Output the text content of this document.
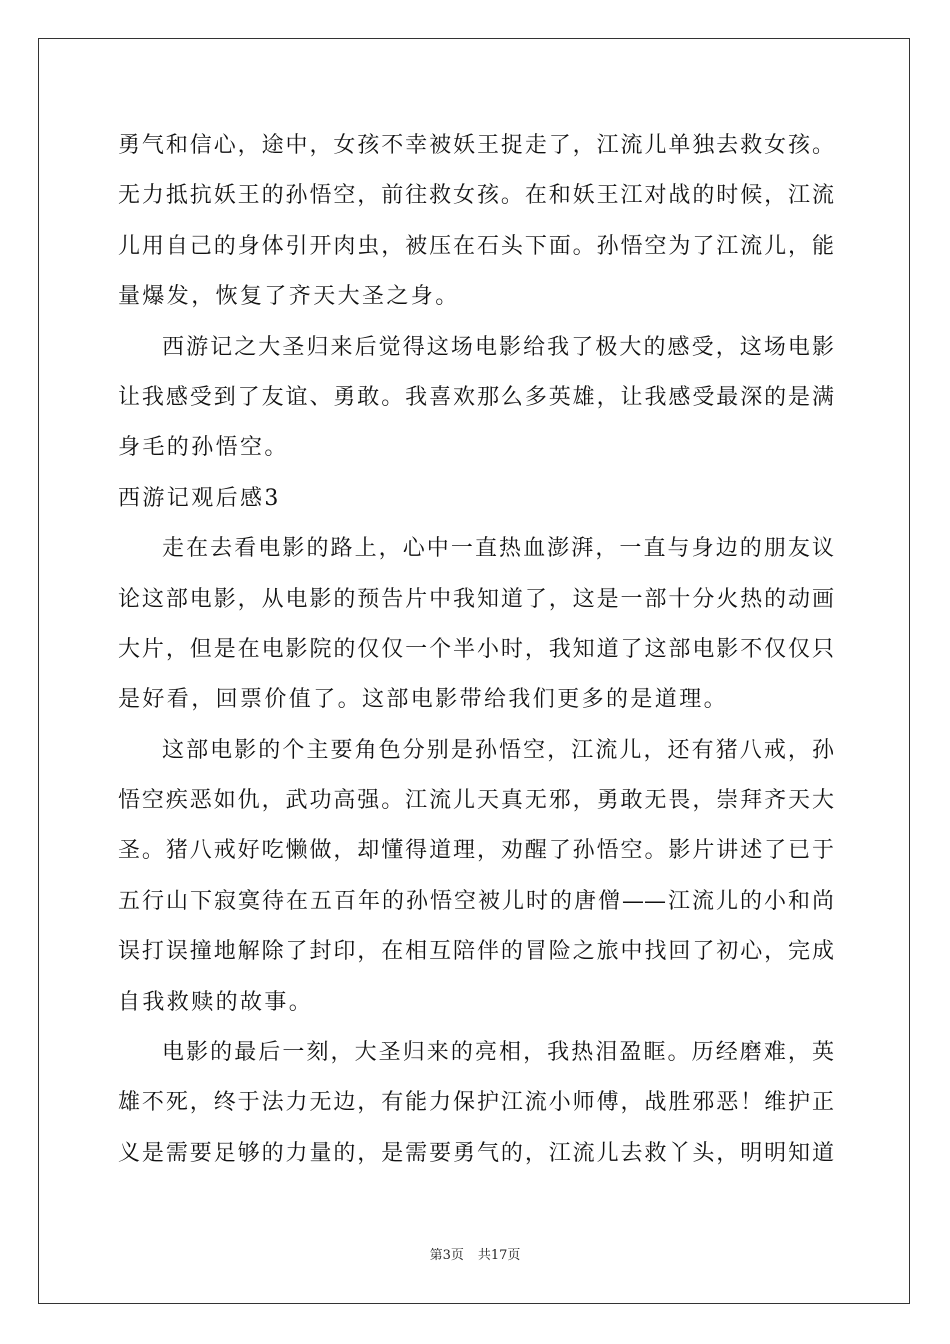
勇气和信心，途中，女孩不幸被妖王捉走了，江流儿单独去救女孩。
无力抵抗妖王的孙悟空，前往救女孩。在和妖王江对战的时候，江流
儿用自己的身体引开肉虫，被压在石头下面。孙悟空为了江流儿，能
量爆发，恢复了齐天大圣之身。
西游记之大圣归来后觉得这场电影给我了极大的感受，这场电影
让我感受到了友谊、勇敢。我喜欢那么多英雄，让我感受最深的是满
身毛的孙悟空。
西游记观后感3
走在去看电影的路上，心中一直热血澎湃，一直与身边的朋友议
论这部电影，从电影的预告片中我知道了，这是一部十分火热的动画
大片，但是在电影院的仅仅一个半小时，我知道了这部电影不仅仅只
是好看，回票价值了。这部电影带给我们更多的是道理。
这部电影的个主要角色分别是孙悟空，江流儿，还有猪八戒，孙
悟空疾恶如仇，武功高强。江流儿天真无邪，勇敢无畏，崇拜齐天大
圣。猪八戒好吃懒做，却懂得道理，劝醒了孙悟空。影片讲述了已于
五行山下寂寞待在五百年的孙悟空被儿时的唐僧——江流儿的小和尚
误打误撞地解除了封印，在相互陪伴的冒险之旅中找回了初心，完成
自我救赎的故事。
电影的最后一刻，大圣归来的亮相，我热泪盈眶。历经磨难，英
雄不死，终于法力无边，有能力保护江流小师傅，战胜邪恶！维护正
义是需要足够的力量的，是需要勇气的，江流儿去救丫头，明明知道
第3页 共17页
